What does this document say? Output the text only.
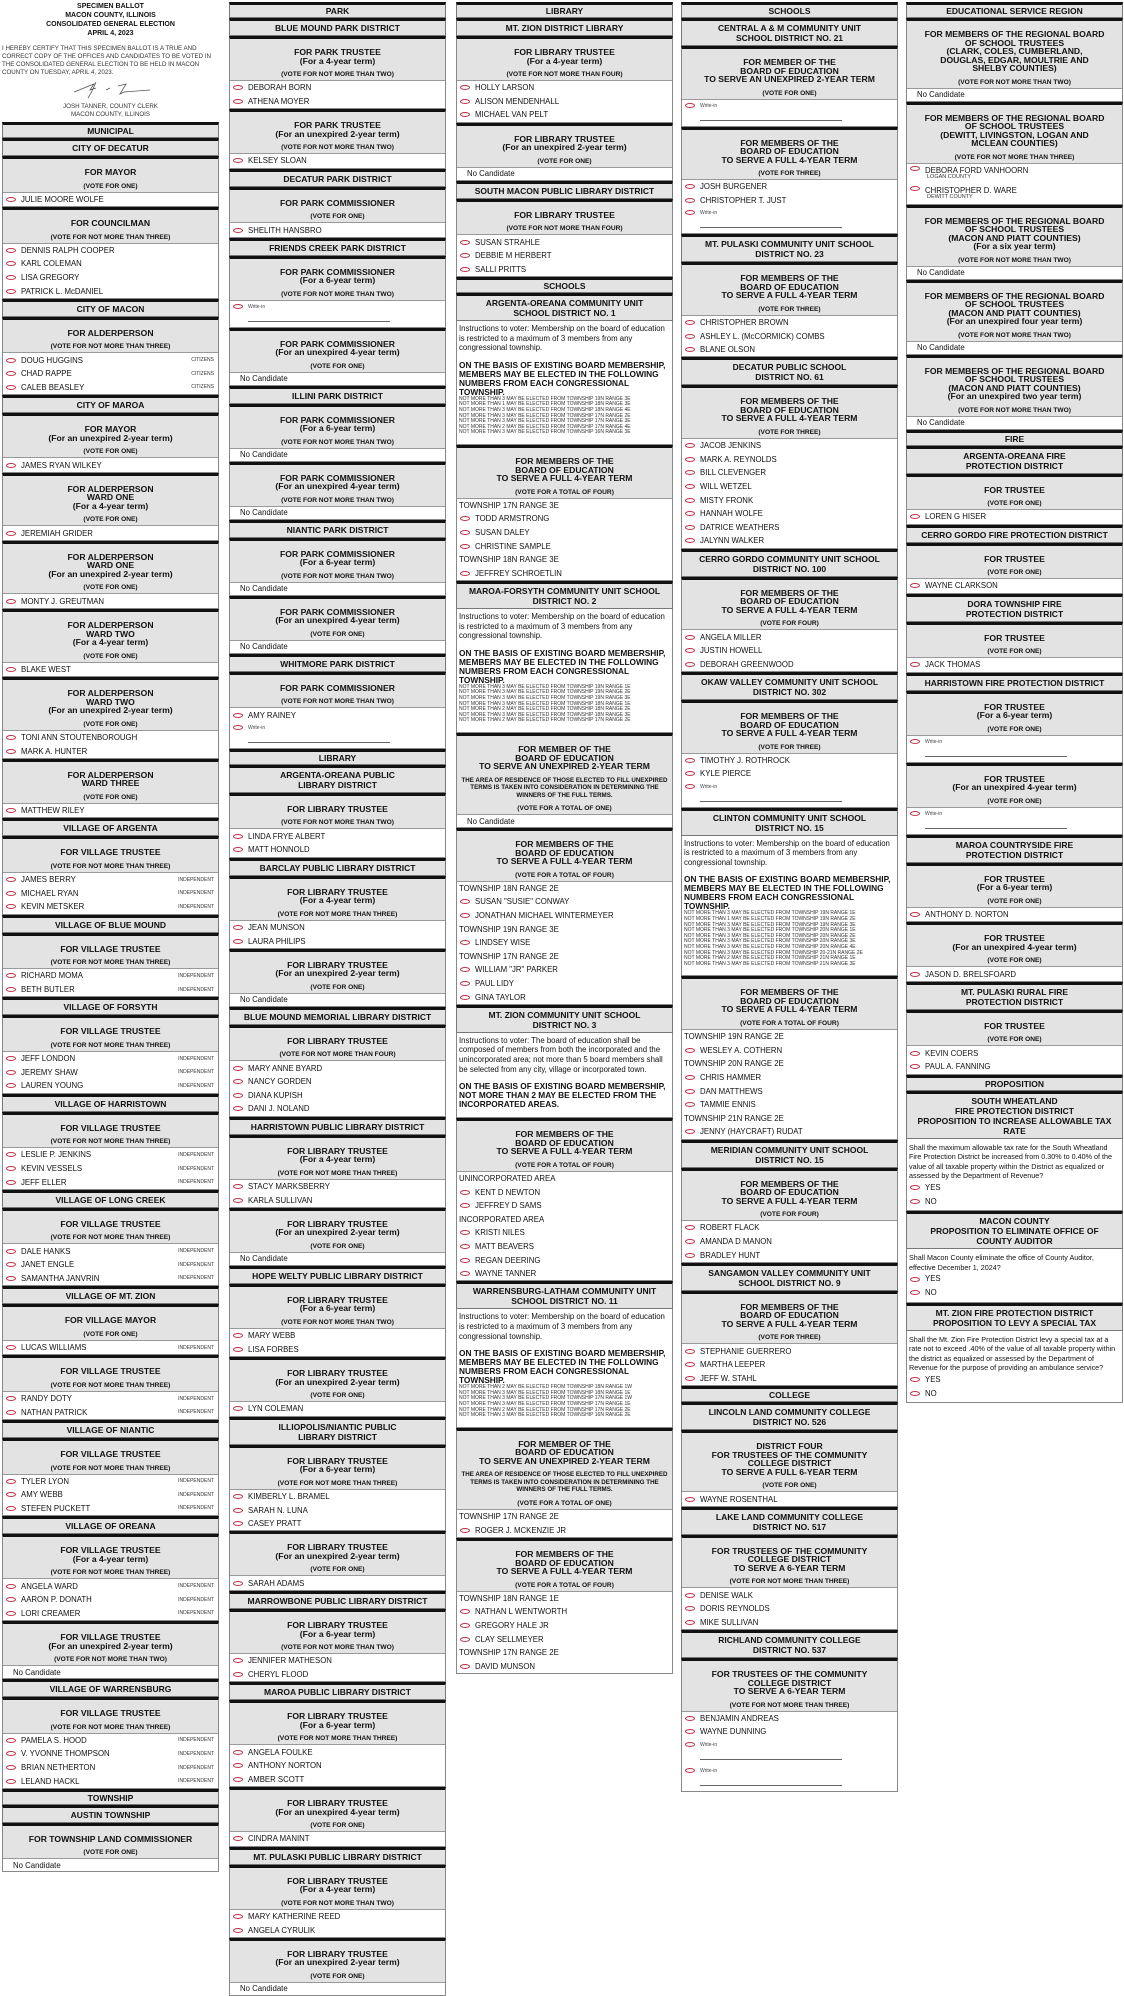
SPECIMEN BALLOT
MACON COUNTY, ILLINOIS
CONSOLIDATED GENERAL ELECTION
APRIL 4, 2023
I HEREBY CERTIFY THAT THIS SPECIMEN BALLOT IS A TRUE AND CORRECT COPY OF THE OFFICES AND CANDIDATES TO BE VOTED IN THE CONSOLIDATED GENERAL ELECTION TO BE HELD IN MACON COUNTY ON TUESDAY, APRIL 4, 2023.
JOSH TANNER, COUNTY CLERK
MACON COUNTY, ILLINOIS
MUNICIPAL
CITY OF DECATUR
FOR MAYOR
(VOTE FOR ONE)
JULIE MOORE WOLFE
FOR COUNCILMAN
(VOTE FOR NOT MORE THAN THREE)
DENNIS RALPH COOPER
KARL COLEMAN
LISA GREGORY
PATRICK L. McDANIEL
CITY OF MACON
FOR ALDERPERSON
(VOTE FOR NOT MORE THAN THREE)
DOUG HUGGINS	CITIZENS
CHAD RAPPE	CITIZENS
CALEB BEASLEY	CITIZENS
CITY OF MAROA
FOR MAYOR
(For an unexpired 2-year term)
(VOTE FOR ONE)
JAMES RYAN WILKEY
FOR ALDERPERSON
WARD ONE
(For a 4-year term)
(VOTE FOR ONE)
JEREMIAH GRIDER
FOR ALDERPERSON
WARD ONE
(For an unexpired 2-year term)
(VOTE FOR ONE)
MONTY J. GREUTMAN
FOR ALDERPERSON
WARD TWO
(For a 4-year term)
(VOTE FOR ONE)
BLAKE WEST
FOR ALDERPERSON
WARD TWO
(For an unexpired 2-year term)
(VOTE FOR ONE)
TONI ANN STOUTENBOROUGH
MARK A. HUNTER
FOR ALDERPERSON
WARD THREE
(VOTE FOR ONE)
MATTHEW RILEY
VILLAGE OF ARGENTA
FOR VILLAGE TRUSTEE
(VOTE FOR NOT MORE THAN THREE)
JAMES BERRY	INDEPENDENT
MICHAEL RYAN	INDEPENDENT
KEVIN METSKER	INDEPENDENT
VILLAGE OF BLUE MOUND
FOR VILLAGE TRUSTEE
(VOTE FOR NOT MORE THAN THREE)
RICHARD MOMA	INDEPENDENT
BETH BUTLER	INDEPENDENT
VILLAGE OF FORSYTH
FOR VILLAGE TRUSTEE
(VOTE FOR NOT MORE THAN THREE)
JEFF LONDON	INDEPENDENT
JEREMY SHAW	INDEPENDENT
LAUREN YOUNG	INDEPENDENT
VILLAGE OF HARRISTOWN
FOR VILLAGE TRUSTEE
(VOTE FOR NOT MORE THAN THREE)
LESLIE P. JENKINS	INDEPENDENT
KEVIN VESSELS	INDEPENDENT
JEFF ELLER	INDEPENDENT
VILLAGE OF LONG CREEK
FOR VILLAGE TRUSTEE
(VOTE FOR NOT MORE THAN THREE)
DALE HANKS	INDEPENDENT
JANET ENGLE	INDEPENDENT
SAMANTHA JANVRIN	INDEPENDENT
VILLAGE OF MT. ZION
FOR VILLAGE MAYOR
(VOTE FOR ONE)
LUCAS WILLIAMS	INDEPENDENT
FOR VILLAGE TRUSTEE
(VOTE FOR NOT MORE THAN THREE)
RANDY DOTY	INDEPENDENT
NATHAN PATRICK	INDEPENDENT
VILLAGE OF NIANTIC
FOR VILLAGE TRUSTEE
(VOTE FOR NOT MORE THAN THREE)
TYLER LYON	INDEPENDENT
AMY WEBB	INDEPENDENT
STEFEN PUCKETT	INDEPENDENT
VILLAGE OF OREANA
FOR VILLAGE TRUSTEE
(For a 4-year term)
(VOTE FOR NOT MORE THAN THREE)
ANGELA WARD	INDEPENDENT
AARON P. DONATH	INDEPENDENT
LORI CREAMER	INDEPENDENT
FOR VILLAGE TRUSTEE
(For an unexpired 2-year term)
(VOTE FOR NOT MORE THAN TWO)
No Candidate
VILLAGE OF WARRENSBURG
FOR VILLAGE TRUSTEE
(VOTE FOR NOT MORE THAN THREE)
PAMELA S. HOOD	INDEPENDENT
V. YVONNE THOMPSON	INDEPENDENT
BRIAN NETHERTON	INDEPENDENT
LELAND HACKL	INDEPENDENT
TOWNSHIP
AUSTIN TOWNSHIP
FOR TOWNSHIP LAND COMMISSIONER
(VOTE FOR ONE)
No Candidate
PARK
BLUE MOUND PARK DISTRICT
FOR PARK TRUSTEE
(For a 4-year term)
(VOTE FOR NOT MORE THAN TWO)
DEBORAH BORN
ATHENA MOYER
FOR PARK TRUSTEE
(For an unexpired 2-year term)
(VOTE FOR NOT MORE THAN TWO)
KELSEY SLOAN
DECATUR PARK DISTRICT
FOR PARK COMMISSIONER
(VOTE FOR ONE)
SHELITH HANSBRO
FRIENDS CREEK PARK DISTRICT
FOR PARK COMMISSIONER
(For a 6-year term)
(VOTE FOR NOT MORE THAN TWO)
Write-in
FOR PARK COMMISSIONER
(For an unexpired 4-year term)
(VOTE FOR ONE)
No Candidate
ILLINI PARK DISTRICT
FOR PARK COMMISSIONER
(For a 6-year term)
(VOTE FOR NOT MORE THAN TWO)
No Candidate
FOR PARK COMMISSIONER
(For an unexpired 4-year term)
(VOTE FOR NOT MORE THAN TWO)
No Candidate
NIANTIC PARK DISTRICT
FOR PARK COMMISSIONER
(For a 6-year term)
(VOTE FOR NOT MORE THAN TWO)
No Candidate
FOR PARK COMMISSIONER
(For an unexpired 4-year term)
(VOTE FOR ONE)
No Candidate
WHITMORE PARK DISTRICT
FOR PARK COMMISSIONER
(VOTE FOR NOT MORE THAN TWO)
AMY RAINEY
Write-in
LIBRARY
ARGENTA-OREANA PUBLIC
LIBRARY DISTRICT
FOR LIBRARY TRUSTEE
(VOTE FOR NOT MORE THAN TWO)
LINDA FRYE ALBERT
MATT HONNOLD
BARCLAY PUBLIC LIBRARY DISTRICT
FOR LIBRARY TRUSTEE
(For a 4-year term)
(VOTE FOR NOT MORE THAN THREE)
JEAN MUNSON
LAURA PHILIPS
FOR LIBRARY TRUSTEE
(For an unexpired 2-year term)
(VOTE FOR ONE)
No Candidate
BLUE MOUND MEMORIAL LIBRARY DISTRICT
FOR LIBRARY TRUSTEE
(VOTE FOR NOT MORE THAN FOUR)
MARY ANNE BYARD
NANCY GORDEN
DIANA KUPISH
DANI J. NOLAND
HARRISTOWN PUBLIC LIBRARY DISTRICT
FOR LIBRARY TRUSTEE
(For a 4-year term)
(VOTE FOR NOT MORE THAN THREE)
STACY MARKSBERRY
KARLA SULLIVAN
FOR LIBRARY TRUSTEE
(For an unexpired 2-year term)
(VOTE FOR ONE)
No Candidate
HOPE WELTY PUBLIC LIBRARY DISTRICT
FOR LIBRARY TRUSTEE
(For a 6-year term)
(VOTE FOR NOT MORE THAN TWO)
MARY WEBB
LISA FORBES
FOR LIBRARY TRUSTEE
(For an unexpired 2-year term)
(VOTE FOR ONE)
LYN COLEMAN
ILLIOPOLIS/NIANTIC PUBLIC
LIBRARY DISTRICT
FOR LIBRARY TRUSTEE
(For a 6-year term)
(VOTE FOR NOT MORE THAN THREE)
KIMBERLY L. BRAMEL
SARAH N. LUNA
CASEY PRATT
FOR LIBRARY TRUSTEE
(For an unexpired 2-year term)
(VOTE FOR ONE)
SARAH ADAMS
MARROWBONE PUBLIC LIBRARY DISTRICT
FOR LIBRARY TRUSTEE
(For a 6-year term)
(VOTE FOR NOT MORE THAN TWO)
JENNIFER MATHESON
CHERYL FLOOD
MAROA PUBLIC LIBRARY DISTRICT
FOR LIBRARY TRUSTEE
(For a 6-year term)
(VOTE FOR NOT MORE THAN THREE)
ANGELA FOULKE
ANTHONY NORTON
AMBER SCOTT
FOR LIBRARY TRUSTEE
(For an unexpired 4-year term)
(VOTE FOR ONE)
CINDRA MANINT
MT. PULASKI PUBLIC LIBRARY DISTRICT
FOR LIBRARY TRUSTEE
(For a 4-year term)
(VOTE FOR NOT MORE THAN TWO)
MARY KATHERINE REED
ANGELA CYRULIK
FOR LIBRARY TRUSTEE
(For an unexpired 2-year term)
(VOTE FOR ONE)
No Candidate
LIBRARY
MT. ZION DISTRICT LIBRARY
FOR LIBRARY TRUSTEE
(For a 4-year term)
(VOTE FOR NOT MORE THAN FOUR)
HOLLY LARSON
ALISON MENDENHALL
MICHAEL VAN PELT
FOR LIBRARY TRUSTEE
(For an unexpired 2-year term)
(VOTE FOR ONE)
No Candidate
SOUTH MACON PUBLIC LIBRARY DISTRICT
FOR LIBRARY TRUSTEE
(VOTE FOR NOT MORE THAN FOUR)
SUSAN STRAHLE
DEBBIE M HERBERT
SALLI PRITTS
SCHOOLS
ARGENTA-OREANA COMMUNITY UNIT
SCHOOL DISTRICT NO. 1
Instructions to voter: Membership on the board of education is restricted to a maximum of 3 members from any congressional township.
ON THE BASIS OF EXISTING BOARD MEMBERSHIP, MEMBERS MAY BE ELECTED IN THE FOLLOWING NUMBERS FROM EACH CONGRESSIONAL TOWNSHIP.
NOT MORE THAN 3 MAY BE ELECTED FROM TOWNSHIP 19N RANGE 3E
NOT MORE THAN 1 MAY BE ELECTED FROM TOWNSHIP 18N RANGE 3E
NOT MORE THAN 3 MAY BE ELECTED FROM TOWNSHIP 18N RANGE 4E
NOT MORE THAN 3 MAY BE ELECTED FROM TOWNSHIP 17N RANGE 2E
NOT MORE THAN 3 MAY BE ELECTED FROM TOWNSHIP 17N RANGE 3E
NOT MORE THAN 2 MAY BE ELECTED FROM TOWNSHIP 17N RANGE 4E
NOT MORE THAN 3 MAY BE ELECTED FROM TOWNSHIP 16N RANGE 3E
FOR MEMBERS OF THE
BOARD OF EDUCATION
TO SERVE A FULL 4-YEAR TERM
(VOTE FOR A TOTAL OF FOUR)
TOWNSHIP 17N RANGE 3E
TODD ARMSTRONG
SUSAN DALEY
CHRISTINE SAMPLE
TOWNSHIP 18N RANGE 3E
JEFFREY SCHROETLIN
MAROA-FORSYTH COMMUNITY UNIT SCHOOL
DISTRICT NO. 2
Instructions to voter: Membership on the board of education is restricted to a maximum of 3 members from any congressional township.
ON THE BASIS OF EXISTING BOARD MEMBERSHIP, MEMBERS MAY BE ELECTED IN THE FOLLOWING NUMBERS FROM EACH CONGRESSIONAL TOWNSHIP.
NOT MORE THAN 3 MAY BE ELECTED FROM TOWNSHIP 19N RANGE 1E
NOT MORE THAN 3 MAY BE ELECTED FROM TOWNSHIP 19N RANGE 2E
NOT MORE THAN 3 MAY BE ELECTED FROM TOWNSHIP 19N RANGE 3E
NOT MORE THAN 3 MAY BE ELECTED FROM TOWNSHIP 18N RANGE 1E
NOT MORE THAN 2 MAY BE ELECTED FROM TOWNSHIP 18N RANGE 2E
NOT MORE THAN 3 MAY BE ELECTED FROM TOWNSHIP 18N RANGE 3E
NOT MORE THAN 2 MAY BE ELECTED FROM TOWNSHIP 17N RANGE 2E
FOR MEMBER OF THE
BOARD OF EDUCATION
TO SERVE AN UNEXPIRED 2-YEAR TERM
THE AREA OF RESIDENCE OF THOSE ELECTED TO FILL UNEXPIRED TERMS IS TAKEN INTO CONSIDERATION IN DETERMINING THE WINNERS OF THE FULL TERMS.
(VOTE FOR A TOTAL OF ONE)
No Candidate
FOR MEMBERS OF THE
BOARD OF EDUCATION
TO SERVE A FULL 4-YEAR TERM
(VOTE FOR A TOTAL OF FOUR)
TOWNSHIP 18N RANGE 2E
SUSAN "SUSIE" CONWAY
JONATHAN MICHAEL WINTERMEYER
TOWNSHIP 19N RANGE 3E
LINDSEY WISE
TOWNSHIP 17N RANGE 2E
WILLIAM "JR" PARKER
PAUL LIDY
GINA TAYLOR
MT. ZION COMMUNITY UNIT SCHOOL
DISTRICT NO. 3
Instructions to voter: The board of education shall be composed of members from both the incorporated and the unincorporated area; not more than 5 board members shall be selected from any city, village or incorporated town.
ON THE BASIS OF EXISTING BOARD MEMBERSHIP, NOT MORE THAN 2 MAY BE ELECTED FROM THE INCORPORATED AREAS.
FOR MEMBERS OF THE
BOARD OF EDUCATION
TO SERVE A FULL 4-YEAR TERM
(VOTE FOR A TOTAL OF FOUR)
UNINCORPORATED AREA
KENT D NEWTON
JEFFREY D SAMS
INCORPORATED AREA
KRISTI NILES
MATT BEAVERS
REGAN DEERING
WAYNE TANNER
WARRENSBURG-LATHAM COMMUNITY UNIT
SCHOOL DISTRICT NO. 11
Instructions to voter: Membership on the board of education is restricted to a maximum of 3 members from any congressional township.
ON THE BASIS OF EXISTING BOARD MEMBERSHIP, MEMBERS MAY BE ELECTED IN THE FOLLOWING NUMBERS FROM EACH CONGRESSIONAL TOWNSHIP.
NOT MORE THAN 2 MAY BE ELECTED FROM TOWNSHIP 18N RANGE 1W
NOT MORE THAN 3 MAY BE ELECTED FROM TOWNSHIP 18N RANGE 1E
NOT MORE THAN 3 MAY BE ELECTED FROM TOWNSHIP 17N RANGE 1W
NOT MORE THAN 3 MAY BE ELECTED FROM TOWNSHIP 17N RANGE 1E
NOT MORE THAN 2 MAY BE ELECTED FROM TOWNSHIP 17N RANGE 2E
NOT MORE THAN 3 MAY BE ELECTED FROM TOWNSHIP 16N RANGE 2E
FOR MEMBER OF THE
BOARD OF EDUCATION
TO SERVE AN UNEXPIRED 2-YEAR TERM
THE AREA OF RESIDENCE OF THOSE ELECTED TO FILL UNEXPIRED TERMS IS TAKEN INTO CONSIDERATION IN DETERMINING THE WINNERS OF THE FULL TERMS.
(VOTE FOR A TOTAL OF ONE)
TOWNSHIP 17N RANGE 2E
ROGER J. MCKENZIE JR
FOR MEMBERS OF THE
BOARD OF EDUCATION
TO SERVE A FULL 4-YEAR TERM
(VOTE FOR A TOTAL OF FOUR)
TOWNSHIP 18N RANGE 1E
NATHAN L WENTWORTH
GREGORY HALE JR
CLAY SELLMEYER
TOWNSHIP 17N RANGE 2E
DAVID MUNSON
SCHOOLS
CENTRAL A & M COMMUNITY UNIT
SCHOOL DISTRICT NO. 21
FOR MEMBER OF THE
BOARD OF EDUCATION
TO SERVE AN UNEXPIRED 2-YEAR TERM
(VOTE FOR ONE)
Write-in
FOR MEMBERS OF THE
BOARD OF EDUCATION
TO SERVE A FULL 4-YEAR TERM
(VOTE FOR THREE)
JOSH BURGENER
CHRISTOPHER T. JUST
Write-in
MT. PULASKI COMMUNITY UNIT SCHOOL
DISTRICT NO. 23
FOR MEMBERS OF THE
BOARD OF EDUCATION
TO SERVE A FULL 4-YEAR TERM
(VOTE FOR THREE)
CHRISTOPHER BROWN
ASHLEY L. (McCORMICK) COMBS
BLANE OLSON
DECATUR PUBLIC SCHOOL
DISTRICT NO. 61
FOR MEMBERS OF THE
BOARD OF EDUCATION
TO SERVE A FULL 4-YEAR TERM
(VOTE FOR THREE)
JACOB JENKINS
MARK A. REYNOLDS
BILL CLEVENGER
WILL WETZEL
MISTY FRONK
HANNAH WOLFE
DATRICE WEATHERS
JALYNN WALKER
CERRO GORDO COMMUNITY UNIT SCHOOL
DISTRICT NO. 100
FOR MEMBERS OF THE
BOARD OF EDUCATION
TO SERVE A FULL 4-YEAR TERM
(VOTE FOR FOUR)
ANGELA MILLER
JUSTIN HOWELL
DEBORAH GREENWOOD
OKAW VALLEY COMMUNITY UNIT SCHOOL
DISTRICT NO. 302
FOR MEMBERS OF THE
BOARD OF EDUCATION
TO SERVE A FULL 4-YEAR TERM
(VOTE FOR THREE)
TIMOTHY J. ROTHROCK
KYLE PIERCE
Write-in
CLINTON COMMUNITY UNIT SCHOOL
DISTRICT NO. 15
Instructions to voter: Membership on the board of education is restricted to a maximum of 3 members from any congressional township.
ON THE BASIS OF EXISTING BOARD MEMBERSHIP, MEMBERS MAY BE ELECTED IN THE FOLLOWING NUMBERS FROM EACH CONGRESSIONAL TOWNSHIP.
NOT MORE THAN 3 MAY BE ELECTED FROM TOWNSHIP 19N RANGE 1E
NOT MORE THAN 1 MAY BE ELECTED FROM TOWNSHIP 19N RANGE 2E
NOT MORE THAN 3 MAY BE ELECTED FROM TOWNSHIP 19N RANGE 3E
NOT MORE THAN 3 MAY BE ELECTED FROM TOWNSHIP 20N RANGE 1E
NOT MORE THAN 3 MAY BE ELECTED FROM TOWNSHIP 20N RANGE 2E
NOT MORE THAN 3 MAY BE ELECTED FROM TOWNSHIP 20N RANGE 3E
NOT MORE THAN 3 MAY BE ELECTED FROM TOWNSHIP 20N RANGE 4E
NOT MORE THAN 3 MAY BE ELECTED FROM TOWNSHIP 20-21N RANGE 2E
NOT MORE THAN 2 MAY BE ELECTED FROM TOWNSHIP 21N RANGE 1E
NOT MORE THAN 3 MAY BE ELECTED FROM TOWNSHIP 21N RANGE 3E
FOR MEMBERS OF THE
BOARD OF EDUCATION
TO SERVE A FULL 4-YEAR TERM
(VOTE FOR A TOTAL OF FOUR)
TOWNSHIP 19N RANGE 2E
WESLEY A. COTHERN
TOWNSHIP 20N RANGE 2E
CHRIS HAMMER
DAN MATTHEWS
TAMMIE ENNIS
TOWNSHIP 21N RANGE 2E
JENNY (HAYCRAFT) RUDAT
MERIDIAN COMMUNITY UNIT SCHOOL
DISTRICT NO. 15
FOR MEMBERS OF THE
BOARD OF EDUCATION
TO SERVE A FULL 4-YEAR TERM
(VOTE FOR FOUR)
ROBERT FLACK
AMANDA D MANON
BRADLEY HUNT
SANGAMON VALLEY COMMUNITY UNIT
SCHOOL DISTRICT NO. 9
FOR MEMBERS OF THE
BOARD OF EDUCATION
TO SERVE A FULL 4-YEAR TERM
(VOTE FOR THREE)
STEPHANIE GUERRERO
MARTHA LEEPER
JEFF W. STAHL
COLLEGE
LINCOLN LAND COMMUNITY COLLEGE
DISTRICT NO. 526
DISTRICT FOUR
FOR TRUSTEES OF THE COMMUNITY
COLLEGE DISTRICT
TO SERVE A FULL 6-YEAR TERM
(VOTE FOR ONE)
WAYNE ROSENTHAL
LAKE LAND COMMUNITY COLLEGE
DISTRICT NO. 517
FOR TRUSTEES OF THE COMMUNITY
COLLEGE DISTRICT
TO SERVE A 6-YEAR TERM
(VOTE FOR NOT MORE THAN THREE)
DENISE WALK
DORIS REYNOLDS
MIKE SULLIVAN
RICHLAND COMMUNITY COLLEGE
DISTRICT NO. 537
FOR TRUSTEES OF THE COMMUNITY
COLLEGE DISTRICT
TO SERVE A 6-YEAR TERM
(VOTE FOR NOT MORE THAN THREE)
BENJAMIN ANDREAS
WAYNE DUNNING
Write-in
Write-in
EDUCATIONAL SERVICE REGION
FOR MEMBERS OF THE REGIONAL BOARD
OF SCHOOL TRUSTEES
(CLARK, COLES, CUMBERLAND,
DOUGLAS, EDGAR, MOULTRIE AND
SHELBY COUNTIES)
(VOTE FOR NOT MORE THAN TWO)
No Candidate
FOR MEMBERS OF THE REGIONAL BOARD
OF SCHOOL TRUSTEES
(DEWITT, LIVINGSTON, LOGAN AND
MCLEAN COUNTIES)
(VOTE FOR NOT MORE THAN THREE)
DEBORA FORD VANHOORN
LOGAN COUNTY
CHRISTOPHER D. WARE
DEWITT COUNTY
FOR MEMBERS OF THE REGIONAL BOARD
OF SCHOOL TRUSTEES
(MACON AND PIATT COUNTIES)
(For a six year term)
(VOTE FOR NOT MORE THAN TWO)
No Candidate
FOR MEMBERS OF THE REGIONAL BOARD
OF SCHOOL TRUSTEES
(MACON AND PIATT COUNTIES)
(For an unexpired four year term)
(VOTE FOR NOT MORE THAN TWO)
No Candidate
FOR MEMBERS OF THE REGIONAL BOARD
OF SCHOOL TRUSTEES
(MACON AND PIATT COUNTIES)
(For an unexpired two year term)
(VOTE FOR NOT MORE THAN TWO)
No Candidate
FIRE
ARGENTA-OREANA FIRE
PROTECTION DISTRICT
FOR TRUSTEE
(VOTE FOR ONE)
LOREN G HISER
CERRO GORDO FIRE PROTECTION DISTRICT
FOR TRUSTEE
(VOTE FOR ONE)
WAYNE CLARKSON
DORA TOWNSHIP FIRE
PROTECTION DISTRICT
FOR TRUSTEE
(VOTE FOR ONE)
JACK THOMAS
HARRISTOWN FIRE PROTECTION DISTRICT
FOR TRUSTEE
(For a 6-year term)
(VOTE FOR ONE)
Write-in
FOR TRUSTEE
(For an unexpired 4-year term)
(VOTE FOR ONE)
Write-in
MAROA COUNTRYSIDE FIRE
PROTECTION DISTRICT
FOR TRUSTEE
(For a 6-year term)
(VOTE FOR ONE)
ANTHONY D. NORTON
FOR TRUSTEE
(For an unexpired 4-year term)
(VOTE FOR ONE)
JASON D. BRELSFOARD
MT. PULASKI RURAL FIRE
PROTECTION DISTRICT
FOR TRUSTEE
(VOTE FOR ONE)
KEVIN COERS
PAUL A. FANNING
PROPOSITION
SOUTH WHEATLAND
FIRE PROTECTION DISTRICT
PROPOSITION TO INCREASE ALLOWABLE TAX
RATE
Shall the maximum allowable tax rate for the South Wheatland Fire Protection District be increased from 0.30% to 0.40% of the value of all taxable property within the District as equalized or assessed by the Department of Revenue?
YES
NO
MACON COUNTY
PROPOSITION TO ELIMINATE OFFICE OF
COUNTY AUDITOR
Shall Macon County eliminate the office of County Auditor, effective December 1, 2024?
YES
NO
MT. ZION FIRE PROTECTION DISTRICT
PROPOSITION TO LEVY A SPECIAL TAX
Shall the Mt. Zion Fire Protection District levy a special tax at a rate not to exceed .40% of the value of all taxable property within the district as equalized or assessed by the Department of Revenue for the purpose of providing an ambulance service?
YES
NO
